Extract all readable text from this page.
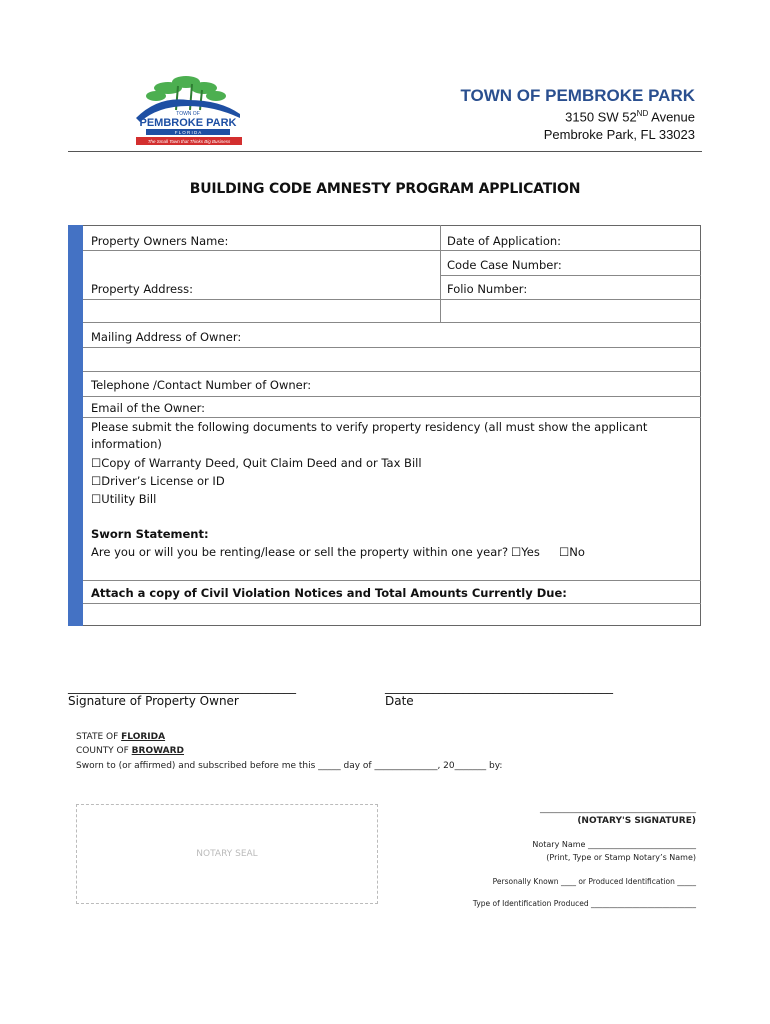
TOWN OF
PEMBROKE PARK
F L O R I D A
The Small Town that Thinks Big Business
TOWN OF PEMBROKE PARK
3150 SW 52ND Avenue
Pembroke Park, FL 33023
BUILDING CODE AMNESTY PROGRAM APPLICATION
Property Owners Name:	Date of Application:
Code Case Number:
Property Address:	Folio Number:
Mailing Address of Owner:
Telephone /Contact Number of Owner:
Email of the Owner:
Please submit the following documents to verify property residency (all must show the applicant
information)
☐Copy of Warranty Deed, Quit Claim Deed and or Tax Bill
☐Driver’s License or ID
☐Utility Bill
Sworn Statement:
Are you or will you be renting/lease or sell the property within one year? ☐Yes ☐No
Attach a copy of Civil Violation Notices and Total Amounts Currently Due:
______________________________________	______________________________________
Signature of Property Owner	Date
STATE OF FLORIDA
COUNTY OF BROWARD
Sworn to (or affirmed) and subscribed before me this _____ day of ______________, 20_______ by:
NOTARY SEAL
_______________________________________
(NOTARY'S SIGNATURE)
Notary Name ___________________________
(Print, Type or Stamp Notary’s Name)
Personally Known ____ or Produced Identification _____
Type of Identification Produced ____________________________
